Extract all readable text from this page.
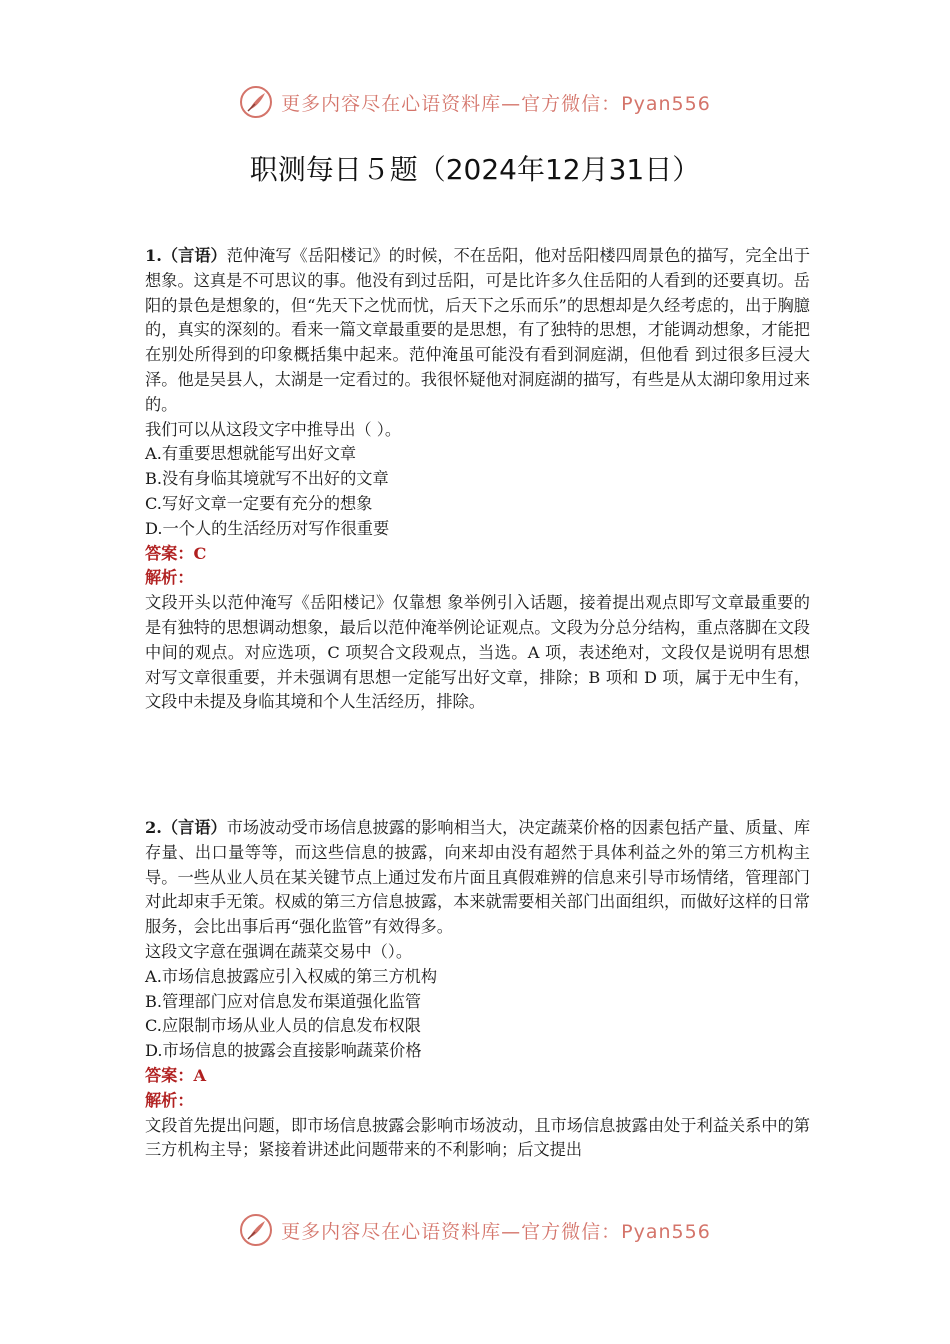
更多内容尽在心语资料库—官方微信：Pyan556
职测每日５题（2024年12月31日）

1.（言语）范仲淹写《岳阳楼记》的时候，不在岳阳，他对岳阳楼四周景色的描写，完全出于想象。这真是不可思议的事。他没有到过岳阳，可是比许多久住岳阳的人看到的还要真切。岳阳的景色是想象的，但“先天下之忧而忧，后天下之乐而乐”的思想却是久经考虑的，出于胸臆的，真实的深刻的。看来一篇文章最重要的是思想，有了独特的思想，才能调动想象，才能把在别处所得到的印象概括集中起来。范仲淹虽可能没有看到洞庭湖，但他看 到过很多巨浸大泽。他是吴县人，太湖是一定看过的。我很怀疑他对洞庭湖的描写，有些是从太湖印象用过来的。

我们可以从这段文字中推导出（ ）。

A.有重要思想就能写出好文章

B.没有身临其境就写不出好的文章

C.写好文章一定要有充分的想象

D.一个人的生活经历对写作很重要

答案：C

解析：

文段开头以范仲淹写《岳阳楼记》仅靠想 象举例引入话题，接着提出观点即写文章最重要的是有独特的思想调动想象，最后以范仲淹举例论证观点。文段为分总分结构，重点落脚在文段中间的观点。对应选项，C 项契合文段观点，当选。A 项，表述绝对，文段仅是说明有思想对写文章很重要，并未强调有思想一定能写出好文章，排除；B 项和 D 项，属于无中生有，文段中未提及身临其境和个人生活经历，排除。

2.（言语）市场波动受市场信息披露的影响相当大，决定蔬菜价格的因素包括产量、质量、库存量、出口量等等，而这些信息的披露，向来却由没有超然于具体利益之外的第三方机构主导。一些从业人员在某关键节点上通过发布片面且真假难辨的信息来引导市场情绪，管理部门对此却束手无策。权威的第三方信息披露，本来就需要相关部门出面组织，而做好这样的日常服务，会比出事后再“强化监管”有效得多。

这段文字意在强调在蔬菜交易中（）。

A.市场信息披露应引入权威的第三方机构

B.管理部门应对信息发布渠道强化监管

C.应限制市场从业人员的信息发布权限

D.市场信息的披露会直接影响蔬菜价格

答案：A

解析：

文段首先提出问题，即市场信息披露会影响市场波动，且市场信息披露由处于利益关系中的第三方机构主导；紧接着讲述此问题带来的不利影响；后文提出

更多内容尽在心语资料库—官方微信：Pyan556
